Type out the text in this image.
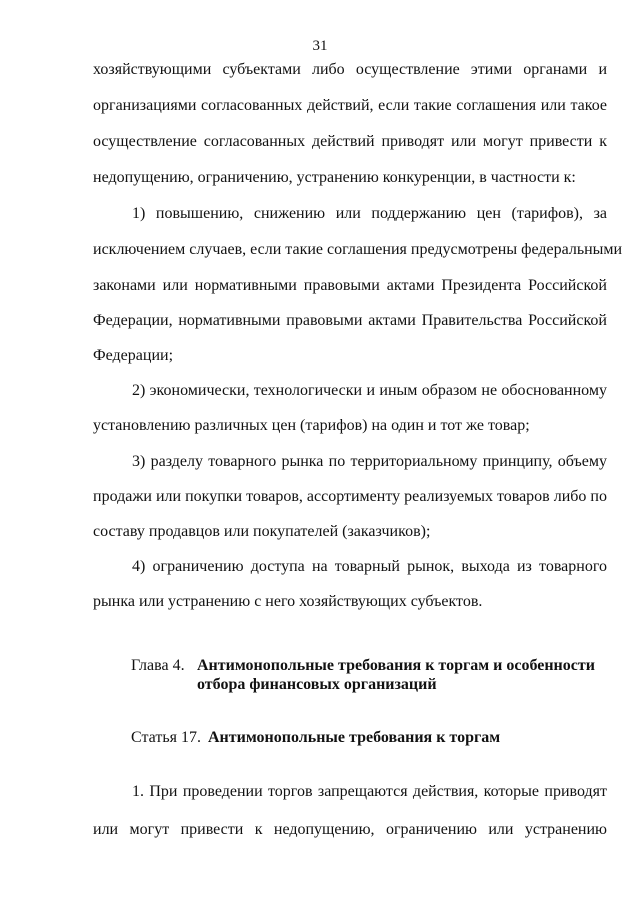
31
хозяйствующими субъектами либо осуществление этими органами и
организациями согласованных действий, если такие соглашения или такое
осуществление согласованных действий приводят или могут привести к
недопущению, ограничению, устранению конкуренции, в частности к:
1) повышению, снижению или поддержанию цен (тарифов), за
исключением случаев, если такие соглашения предусмотрены федеральными
законами или нормативными правовыми актами Президента Российской
Федерации, нормативными правовыми актами Правительства Российской
Федерации;
2) экономически, технологически и иным образом не обоснованному
установлению различных цен (тарифов) на один и тот же товар;
3) разделу товарного рынка по территориальному принципу, объему
продажи или покупки товаров, ассортименту реализуемых товаров либо по
составу продавцов или покупателей (заказчиков);
4) ограничению доступа на товарный рынок, выхода из товарного
рынка или устранению с него хозяйствующих субъектов.
Глава 4. Антимонопольные требования к торгам и особенности
отбора финансовых организаций
Статья 17. Антимонопольные требования к торгам
1. При проведении торгов запрещаются действия, которые приводят
или могут привести к недопущению, ограничению или устранению
